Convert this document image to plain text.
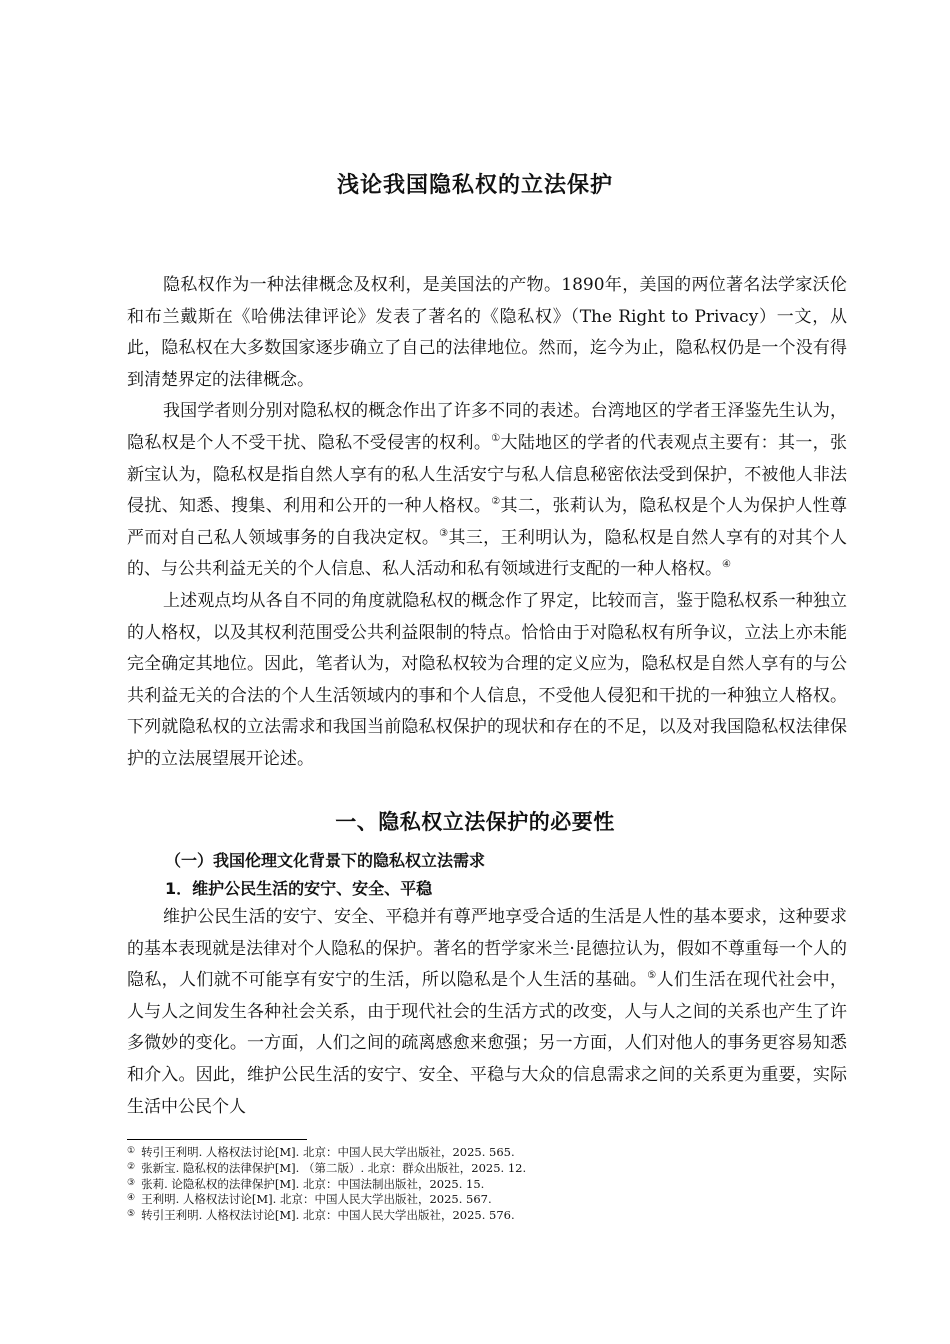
浅论我国隐私权的立法保护

隐私权作为一种法律概念及权利，是美国法的产物。1890年，美国的两位著名法学家沃伦和布兰戴斯在《哈佛法律评论》发表了著名的《隐私权》（The Right to Privacy）一文，从此，隐私权在大多数国家逐步确立了自己的法律地位。然而，迄今为止，隐私权仍是一个没有得到清楚界定的法律概念。

我国学者则分别对隐私权的概念作出了许多不同的表述。台湾地区的学者王泽鉴先生认为，隐私权是个人不受干扰、隐私不受侵害的权利。①大陆地区的学者的代表观点主要有：其一，张新宝认为，隐私权是指自然人享有的私人生活安宁与私人信息秘密依法受到保护，不被他人非法侵扰、知悉、搜集、利用和公开的一种人格权。②其二，张莉认为，隐私权是个人为保护人性尊严而对自己私人领域事务的自我决定权。③其三，王利明认为，隐私权是自然人享有的对其个人的、与公共利益无关的个人信息、私人活动和私有领域进行支配的一种人格权。④

上述观点均从各自不同的角度就隐私权的概念作了界定，比较而言，鉴于隐私权系一种独立的人格权，以及其权利范围受公共利益限制的特点。恰恰由于对隐私权有所争议，立法上亦未能完全确定其地位。因此，笔者认为，对隐私权较为合理的定义应为，隐私权是自然人享有的与公共利益无关的合法的个人生活领域内的事和个人信息，不受他人侵犯和干扰的一种独立人格权。下列就隐私权的立法需求和我国当前隐私权保护的现状和存在的不足，以及对我国隐私权法律保护的立法展望展开论述。

一、隐私权立法保护的必要性
（一）我国伦理文化背景下的隐私权立法需求
1．维护公民生活的安宁、安全、平稳

维护公民生活的安宁、安全、平稳并有尊严地享受合适的生活是人性的基本要求，这种要求的基本表现就是法律对个人隐私的保护。著名的哲学家米兰·昆德拉认为，假如不尊重每一个人的隐私，人们就不可能享有安宁的生活，所以隐私是个人生活的基础。⑤人们生活在现代社会中，人与人之间发生各种社会关系，由于现代社会的生活方式的改变，人与人之间的关系也产生了许多微妙的变化。一方面，人们之间的疏离感愈来愈强；另一方面，人们对他人的事务更容易知悉和介入。因此，维护公民生活的安宁、安全、平稳与大众的信息需求之间的关系更为重要，实际生活中公民个人

① 转引王利明. 人格权法讨论[M]. 北京：中国人民大学出版社，2025. 565.
② 张新宝. 隐私权的法律保护[M]. （第二版）. 北京：群众出版社，2025. 12.
③ 张莉. 论隐私权的法律保护[M]. 北京：中国法制出版社，2025. 15.
④ 王利明. 人格权法讨论[M]. 北京：中国人民大学出版社，2025. 567.
⑤ 转引王利明. 人格权法讨论[M]. 北京：中国人民大学出版社，2025. 576.
